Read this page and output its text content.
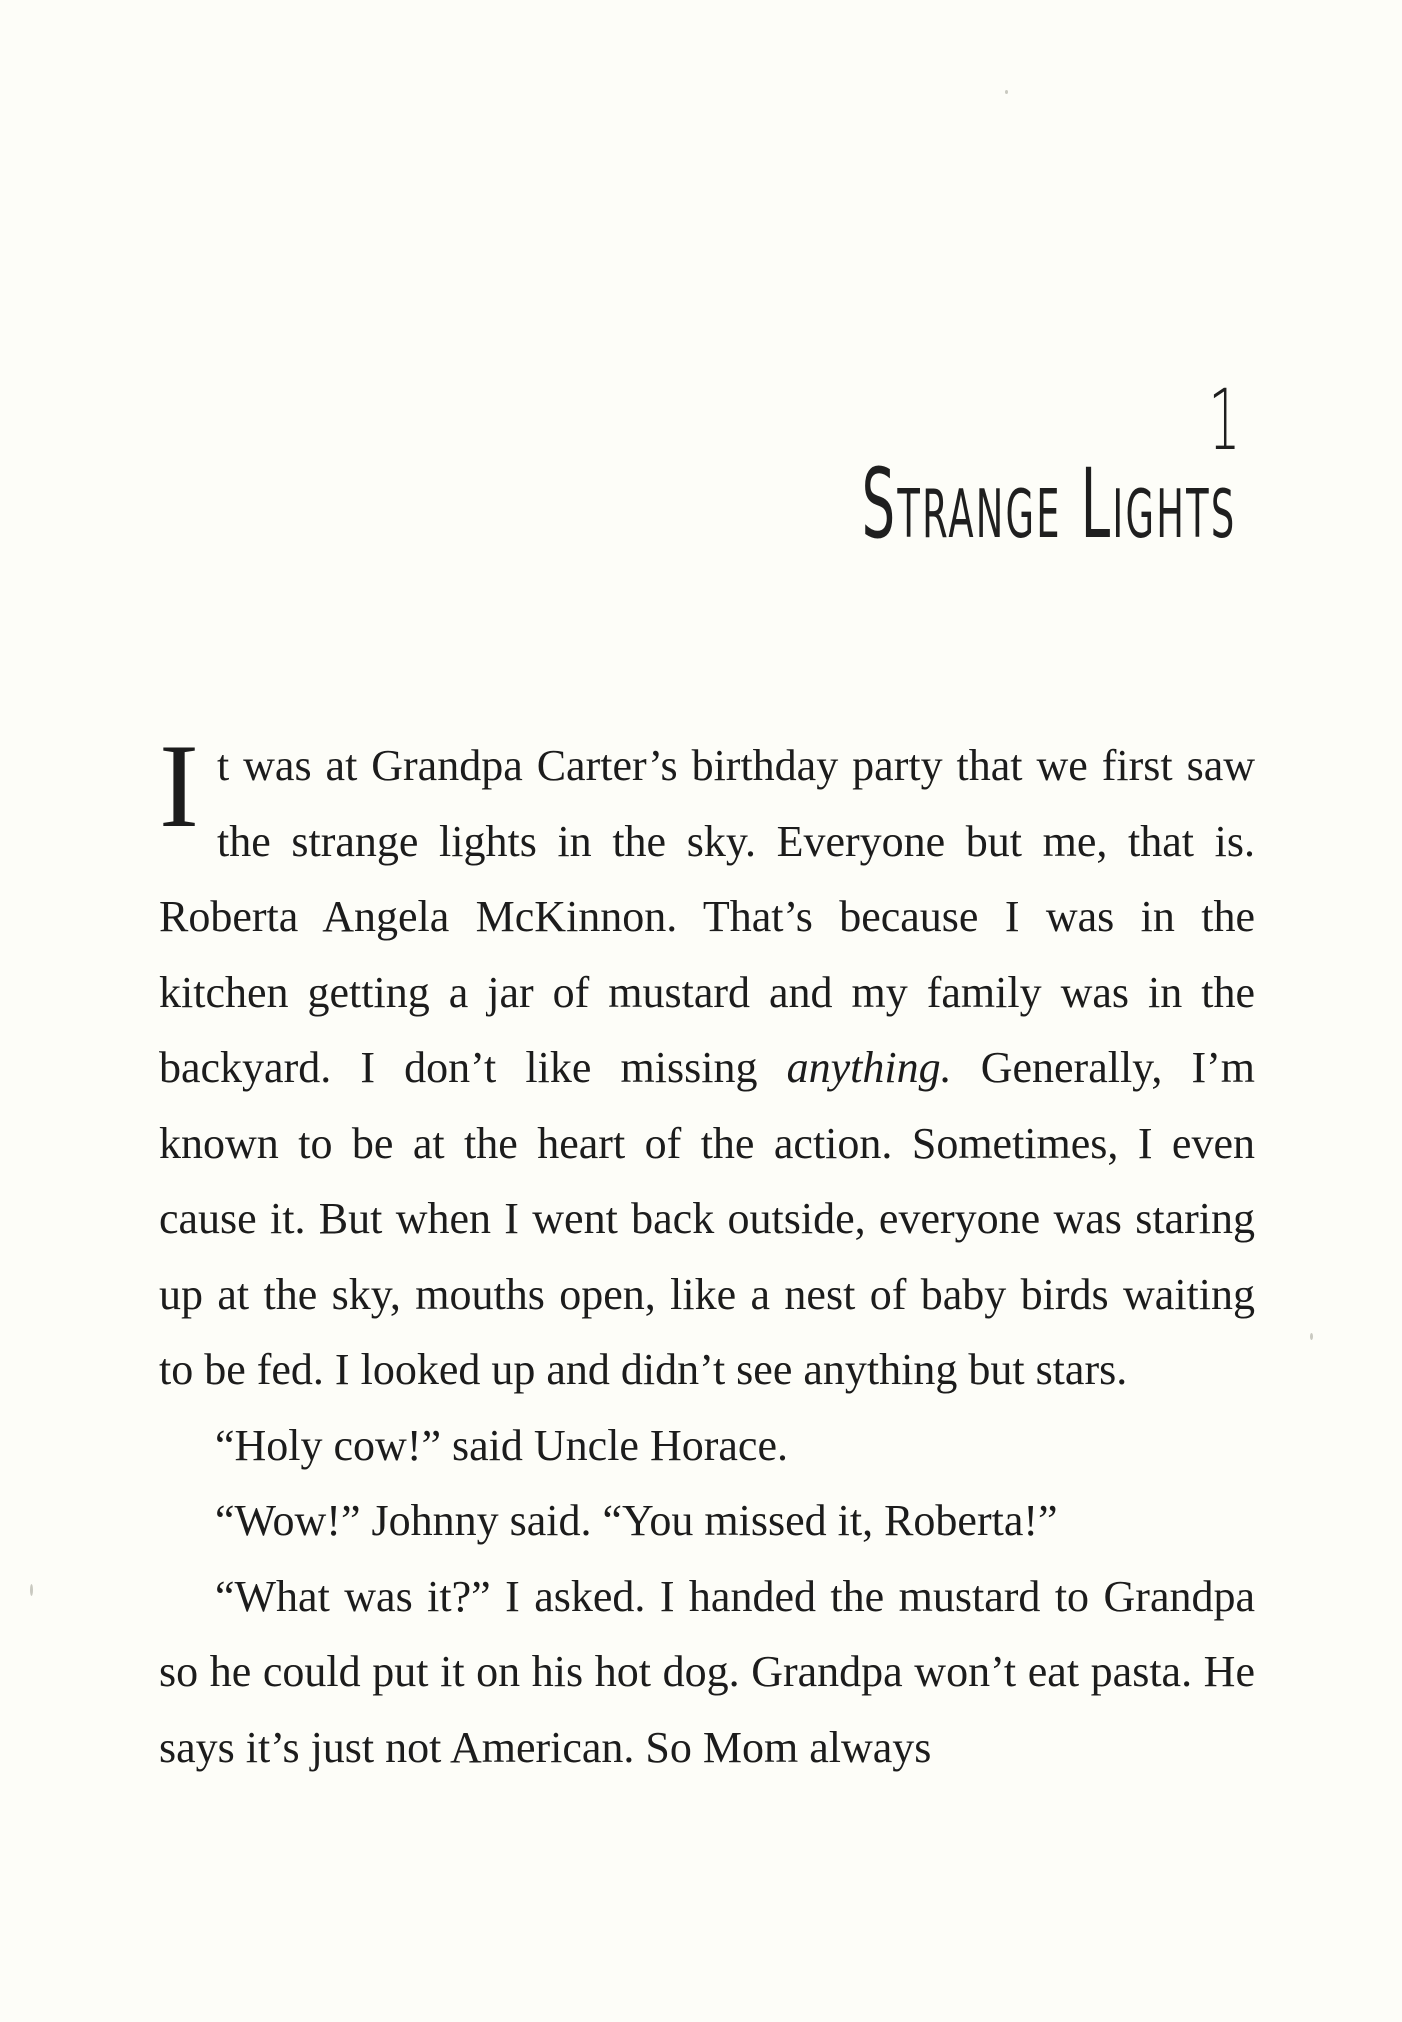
1
Strange Lights

It was at Grandpa Carter’s birthday party that we first saw the strange lights in the sky. Everyone but me, that is. Roberta Angela McKinnon. That’s because I was in the kitchen getting a jar of mustard and my family was in the backyard. I don’t like missing anything. Generally, I’m known to be at the heart of the action. Sometimes, I even cause it. But when I went back outside, everyone was staring up at the sky, mouths open, like a nest of baby birds waiting to be fed. I looked up and didn’t see anything but stars.

“Holy cow!” said Uncle Horace.

“Wow!” Johnny said. “You missed it, Roberta!”

“What was it?” I asked. I handed the mustard to Grandpa so he could put it on his hot dog. Grandpa won’t eat pasta. He says it’s just not American. So Mom always
